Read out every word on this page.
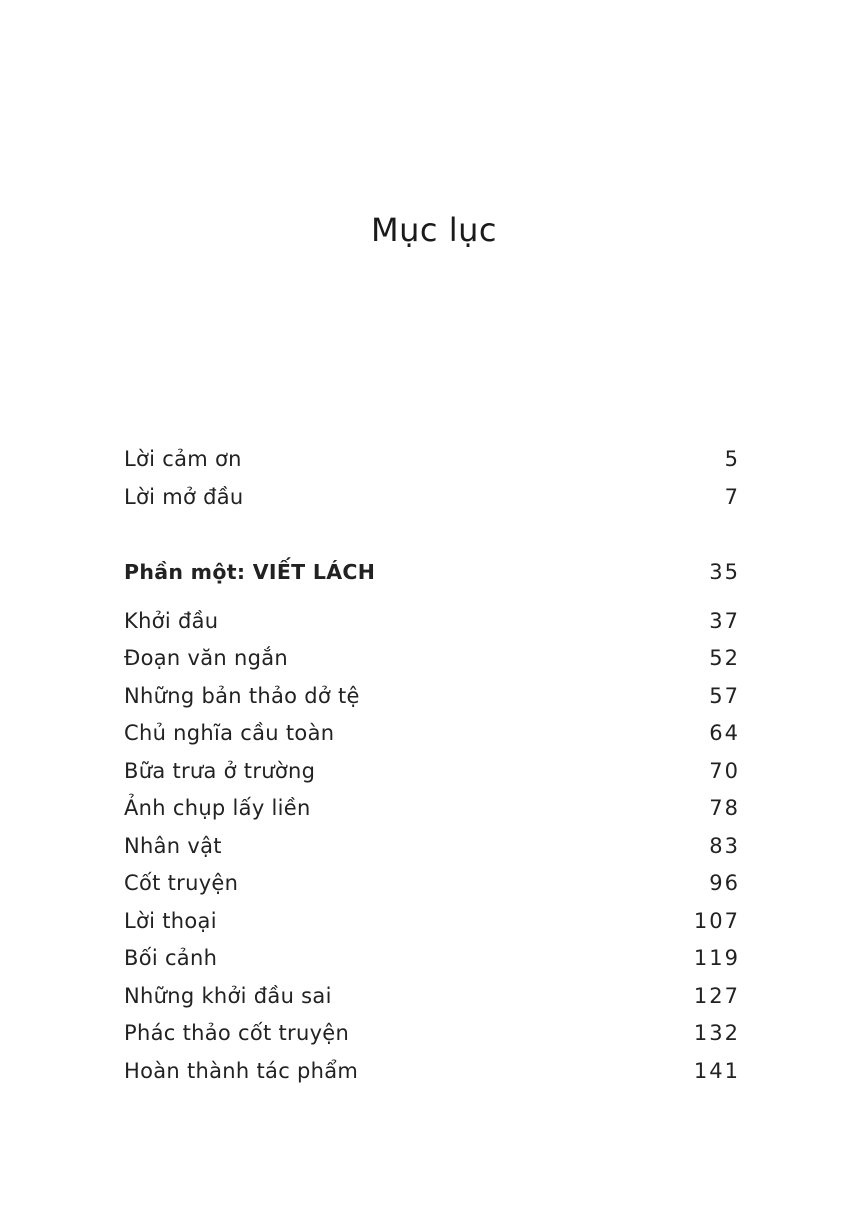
Mục lục
Lời cảm ơn	5
Lời mở đầu	7
Phần một: VIẾT LÁCH	35
Khởi đầu	37
Đoạn văn ngắn	52
Những bản thảo dở tệ	57
Chủ nghĩa cầu toàn	64
Bữa trưa ở trường	70
Ảnh chụp lấy liền	78
Nhân vật	83
Cốt truyện	96
Lời thoại	107
Bối cảnh	119
Những khởi đầu sai	127
Phác thảo cốt truyện	132
Hoàn thành tác phẩm	141
